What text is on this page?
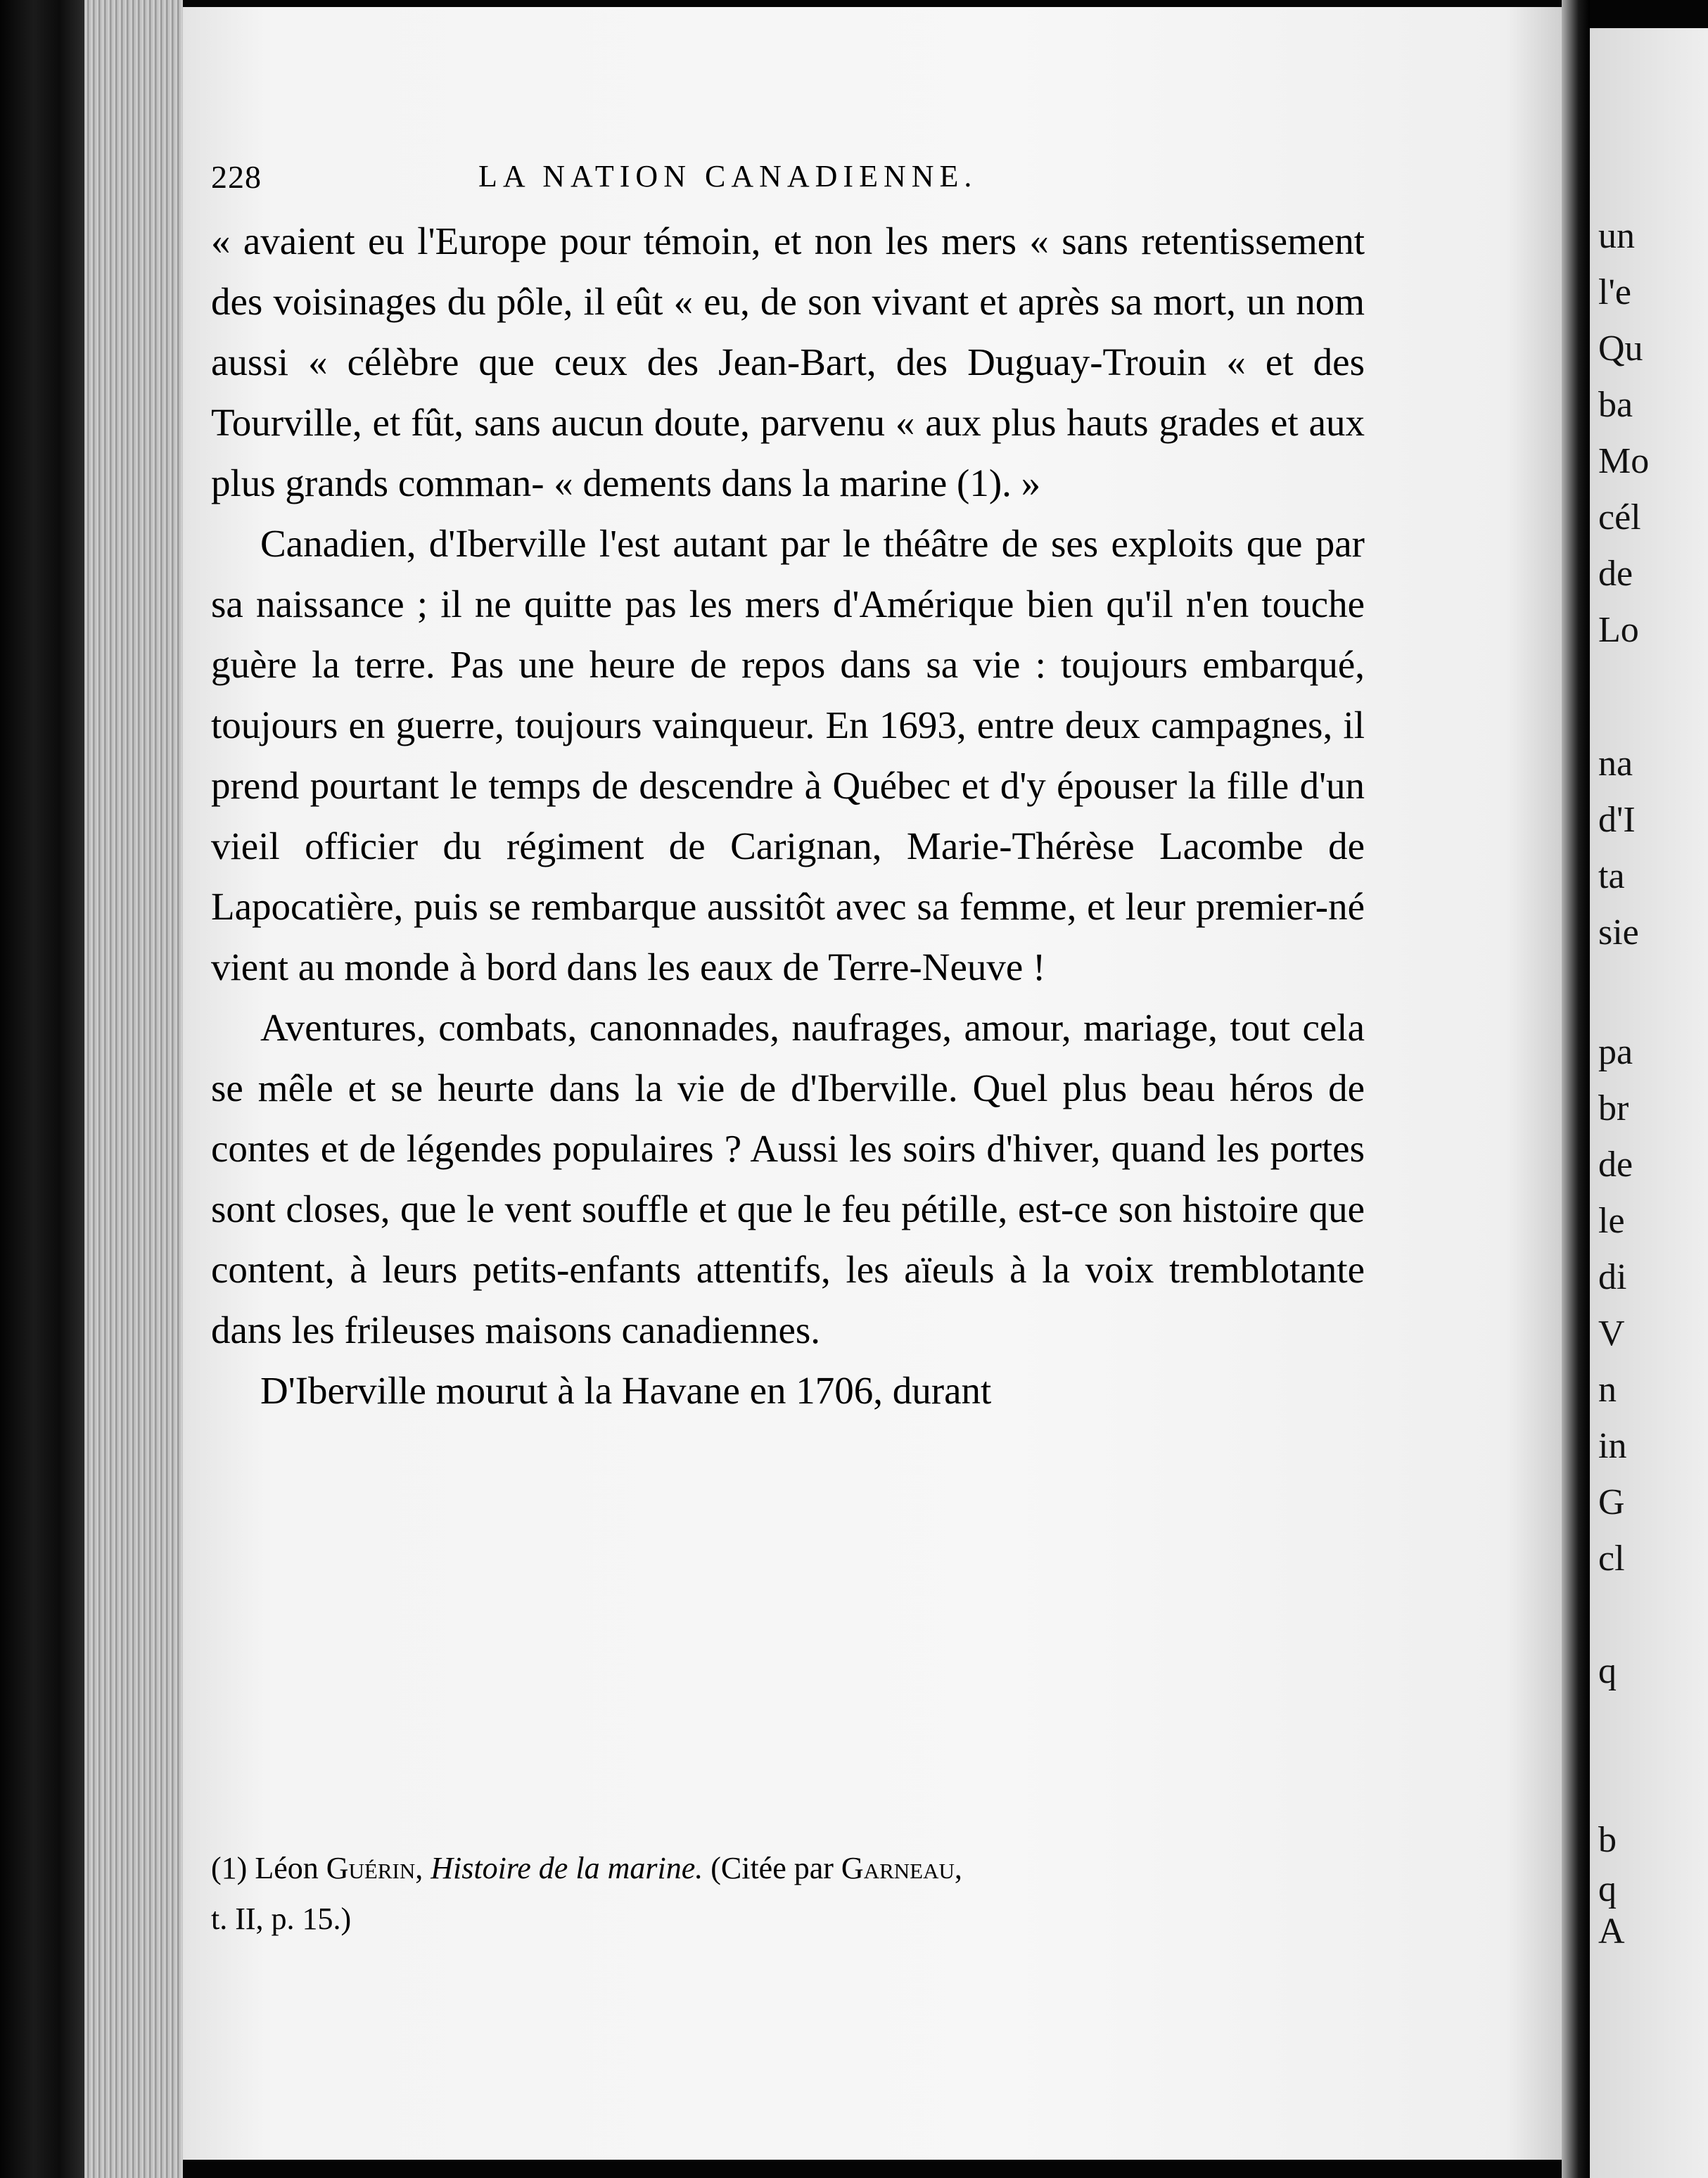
228	LA NATION CANADIENNE.

« avaient eu l'Europe pour témoin, et non les mers « sans retentissement des voisinages du pôle, il eût « eu, de son vivant et après sa mort, un nom aussi « célèbre que ceux des Jean-Bart, des Duguay-Trouin « et des Tourville, et fût, sans aucun doute, parvenu « aux plus hauts grades et aux plus grands comman- « dements dans la marine (1). »

Canadien, d'Iberville l'est autant par le théâtre de ses exploits que par sa naissance ; il ne quitte pas les mers d'Amérique bien qu'il n'en touche guère la terre. Pas une heure de repos dans sa vie : toujours embarqué, toujours en guerre, toujours vainqueur. En 1693, entre deux campagnes, il prend pourtant le temps de descendre à Québec et d'y épouser la fille d'un vieil officier du régiment de Carignan, Marie-Thérèse Lacombe de Lapocatière, puis se rembarque aussitôt avec sa femme, et leur premier-né vient au monde à bord dans les eaux de Terre-Neuve !

Aventures, combats, canonnades, naufrages, amour, mariage, tout cela se mêle et se heurte dans la vie de d'Iberville. Quel plus beau héros de contes et de légendes populaires ? Aussi les soirs d'hiver, quand les portes sont closes, que le vent souffle et que le feu pétille, est-ce son histoire que content, à leurs petits-enfants attentifs, les aïeuls à la voix tremblotante dans les frileuses maisons canadiennes.

D'Iberville mourut à la Havane en 1706, durant

(1) Léon Guérin, Histoire de la marine. (Citée par Garneau,
t. II, p. 15.)
un
l'e
Qu
ba
Mo
cél
de
Lo
na
d'I
ta
sie
pa
br
de
le
di
V
n
in
G
cl
q
b
q
A
